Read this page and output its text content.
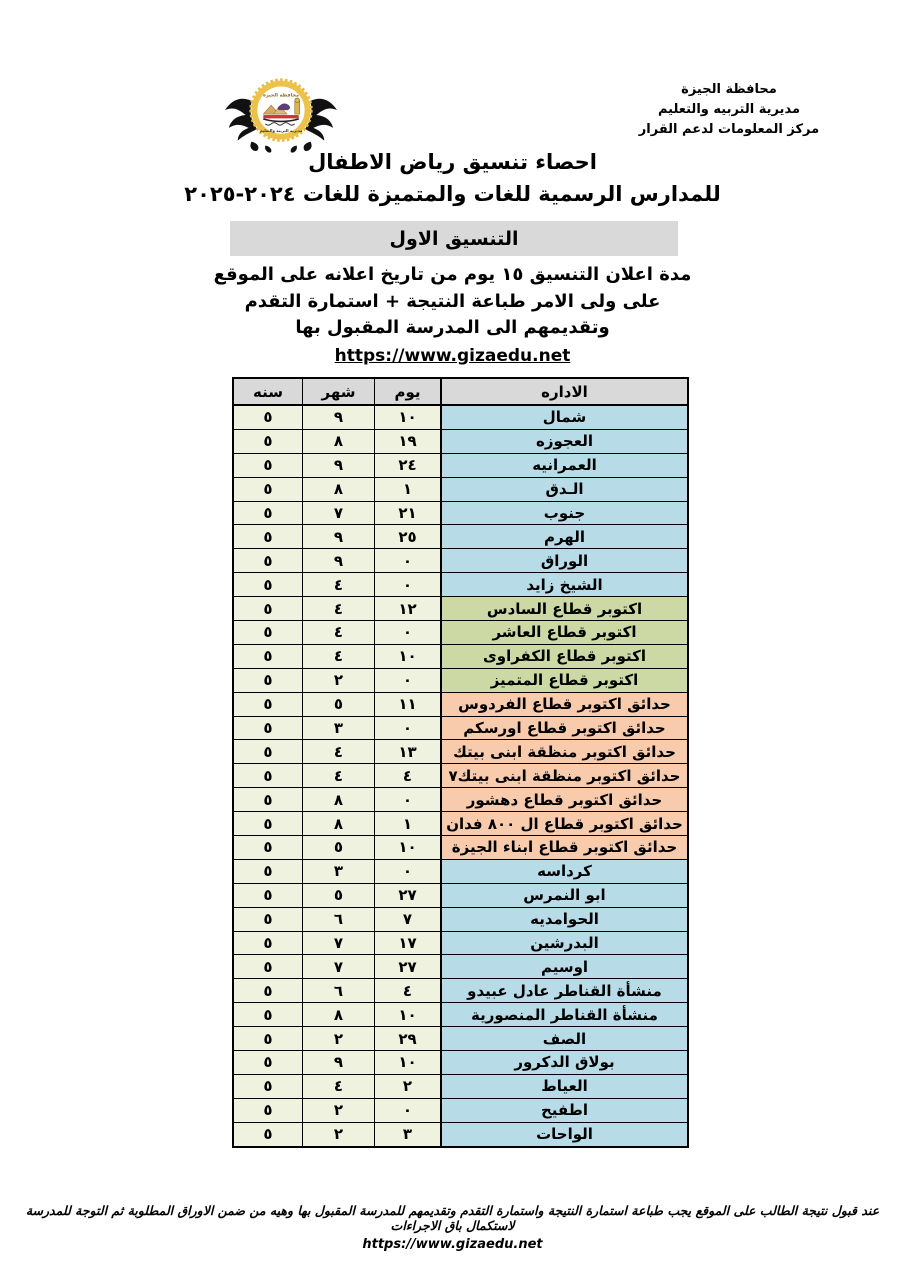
محافظة الجيزة
مديرية التربيه والتعليم
مركز المعلومات لدعم القرار
محافظة الجيزة
مديرية التربية والتعليم
احصاء تنسيق رياض الاطفال
للمدارس الرسمية للغات والمتميزة للغات ٢٠٢٤-٢٠٢٥
التنسيق الاول
مدة اعلان التنسيق ١٥ يوم من تاريخ اعلانه على الموقع
على ولى الامر طباعة النتيجة + استمارة التقدم
وتقديمهم الى المدرسة المقبول بها
https://www.gizaedu.net
الاداره	يوم	شهر	سنه
شمال	١٠	٩	٥
العجوزه	١٩	٨	٥
العمرانيه	٢٤	٩	٥
الـدق	١	٨	٥
جنوب	٢١	٧	٥
الهرم	٢٥	٩	٥
الوراق	٠	٩	٥
الشيخ زايد	٠	٤	٥
اكتوبر قطاع السادس	١٢	٤	٥
اكتوبر قطاع العاشر	٠	٤	٥
اكتوبر قطاع الكفراوى	١٠	٤	٥
اكتوبر قطاع المتميز	٠	٢	٥
حدائق اكتوبر قطاع الفردوس	١١	٥	٥
حدائق اكتوبر قطاع اورسكم	٠	٣	٥
حدائق اكتوبر منظقة ابنى بيتك	١٣	٤	٥
حدائق اكتوبر منظقة ابنى بيتك٧	٤	٤	٥
حدائق اكتوبر قطاع دهشور	٠	٨	٥
حدائق اكتوبر قطاع ال ٨٠٠ فدان	١	٨	٥
حدائق اكتوبر قطاع ابناء الجيزة	١٠	٥	٥
كرداسه	٠	٣	٥
ابو النمرس	٢٧	٥	٥
الحوامديه	٧	٦	٥
البدرشين	١٧	٧	٥
اوسيم	٢٧	٧	٥
منشأة القناطر عادل عبيدو	٤	٦	٥
منشأة القناطر المنصورية	١٠	٨	٥
الصف	٢٩	٢	٥
بولاق الدكرور	١٠	٩	٥
العياط	٢	٤	٥
اطفيح	٠	٢	٥
الواحات	٣	٢	٥
عند قبول نتيجة الطالب على الموقع يجب طباعة استمارة النتيجة واستمارة التقدم وتقديمهم للمدرسة المقبول بها وهيه من ضمن الاوراق المطلوبة ثم التوجة للمدرسة لاستكمال باق الاجراءات
https://www.gizaedu.net
